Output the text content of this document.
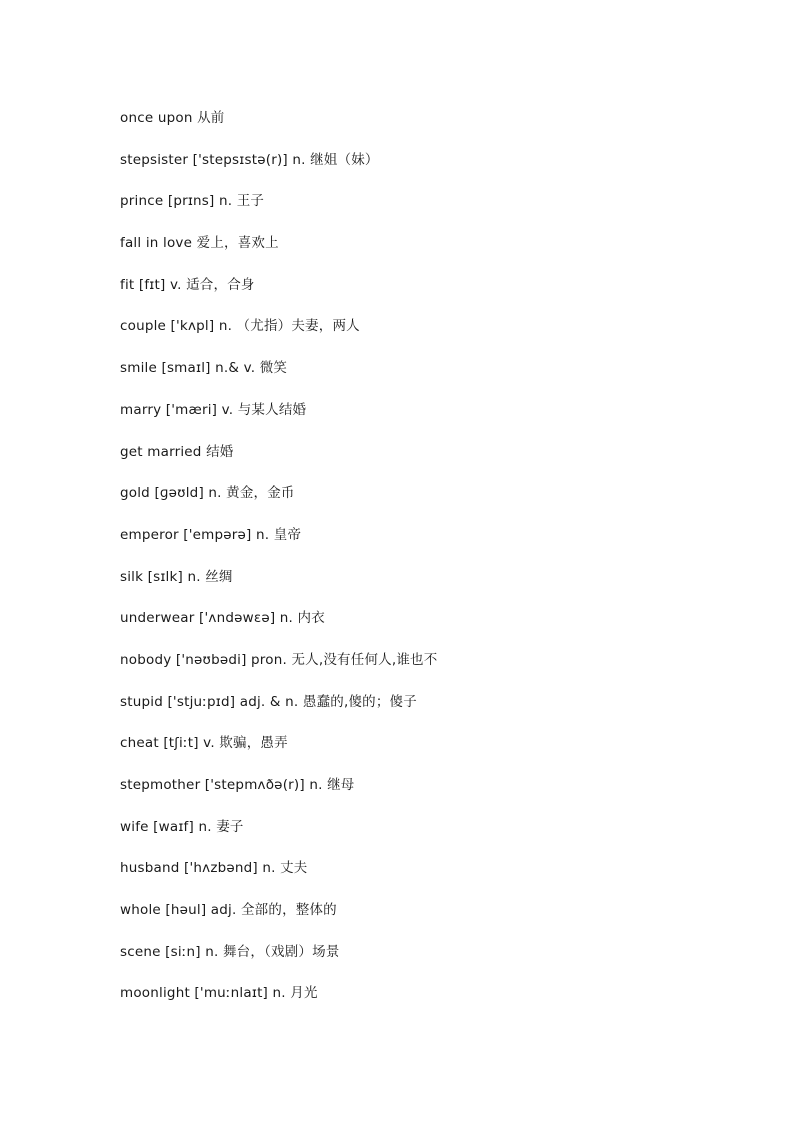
once upon 从前
stepsister ['stepsɪstə(r)] n. 继姐（妹）
prince [prɪns] n. 王子
fall in love 爱上，喜欢上
fit [fɪt] v. 适合，合身
couple ['kʌpl] n. （尤指）夫妻，两人
smile [smaɪl] n.& v. 微笑
marry ['mæri] v. 与某人结婚
get married 结婚
gold [ɡəʊld] n. 黄金，金币
emperor ['empərə] n. 皇帝
silk [sɪlk] n. 丝绸
underwear ['ʌndəwɛə] n. 内衣
nobody ['nəʊbədi] pron. 无人,没有任何人,谁也不
stupid ['stjuːpɪd] adj. & n. 愚蠢的,傻的；傻子
cheat [tʃiːt] v. 欺骗，愚弄
stepmother ['stepmʌðə(r)] n. 继母
wife [waɪf] n. 妻子
husband ['hʌzbənd] n. 丈夫
whole [həul] adj. 全部的，整体的
scene [siːn] n. 舞台，（戏剧）场景
moonlight ['muːnlaɪt] n. 月光
